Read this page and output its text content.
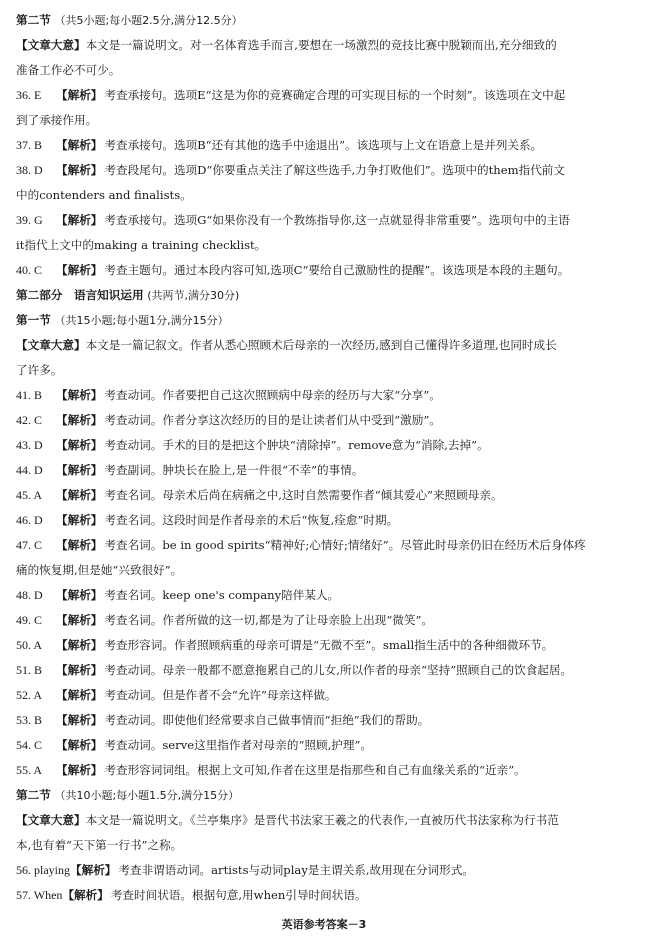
第二节 （共5小题;每小题2.5分,满分12.5分）
【文章大意】本文是一篇说明文。对一名体育选手而言,要想在一场激烈的竞技比赛中脱颖而出,充分细致的
准备工作必不可少。
36. E 【解析】 考查承接句。选项E“这是为你的竞赛确定合理的可实现目标的一个时刻”。该选项在文中起
到了承接作用。
37. B 【解析】 考查承接句。选项B“还有其他的选手中途退出”。该选项与上文在语意上是并列关系。
38. D 【解析】 考查段尾句。选项D“你要重点关注了解这些选手,力争打败他们”。选项中的them指代前文
中的contenders and finalists。
39. G 【解析】 考查承接句。选项G“如果你没有一个教练指导你,这一点就显得非常重要”。选项句中的主语
it指代上文中的making a training checklist。
40. C 【解析】 考查主题句。通过本段内容可知,选项C“要给自己激励性的提醒”。该选项是本段的主题句。
第二部分　语言知识运用 (共两节,满分30分)
第一节 （共15小题;每小题1分,满分15分）
【文章大意】本文是一篇记叙文。作者从悉心照顾术后母亲的一次经历,感到自己懂得许多道理,也同时成长
了许多。
41. B 【解析】 考查动词。作者要把自己这次照顾病中母亲的经历与大家“分享”。
42. C 【解析】 考查动词。作者分享这次经历的目的是让读者们从中受到“激励”。
43. D 【解析】 考查动词。手术的目的是把这个肿块“清除掉”。remove意为“消除,去掉”。
44. D 【解析】 考查副词。肿块长在脸上,是一件很“不幸”的事情。
45. A 【解析】 考查名词。母亲术后尚在病痛之中,这时自然需要作者“倾其爱心”来照顾母亲。
46. D 【解析】 考查名词。这段时间是作者母亲的术后“恢复,痊愈”时期。
47. C 【解析】 考查名词。be in good spirits“精神好;心情好;情绪好”。尽管此时母亲仍旧在经历术后身体疼
痛的恢复期,但是她“兴致很好”。
48. D 【解析】 考查名词。keep one's company陪伴某人。
49. C 【解析】 考查名词。作者所做的这一切,都是为了让母亲脸上出现“微笑”。
50. A 【解析】 考查形容词。作者照顾病重的母亲可谓是“无微不至”。small指生活中的各种细微环节。
51. B 【解析】 考查动词。母亲一般都不愿意拖累自己的儿女,所以作者的母亲“坚持”照顾自己的饮食起居。
52. A 【解析】 考查动词。但是作者不会“允许”母亲这样做。
53. B 【解析】 考查动词。即使他们经常要求自己做事情而“拒绝”我们的帮助。
54. C 【解析】 考查动词。serve这里指作者对母亲的“照顾,护理”。
55. A 【解析】 考查形容词词组。根据上文可知,作者在这里是指那些和自己有血缘关系的“近亲”。
第二节 （共10小题;每小题1.5分,满分15分）
【文章大意】本文是一篇说明文。《兰亭集序》是晋代书法家王羲之的代表作,一直被历代书法家称为行书范
本,也有着“天下第一行书”之称。
56. playing【解析】 考查非谓语动词。artists与动词play是主谓关系,故用现在分词形式。
57. When【解析】 考查时间状语。根据句意,用when引导时间状语。
英语参考答案－3
